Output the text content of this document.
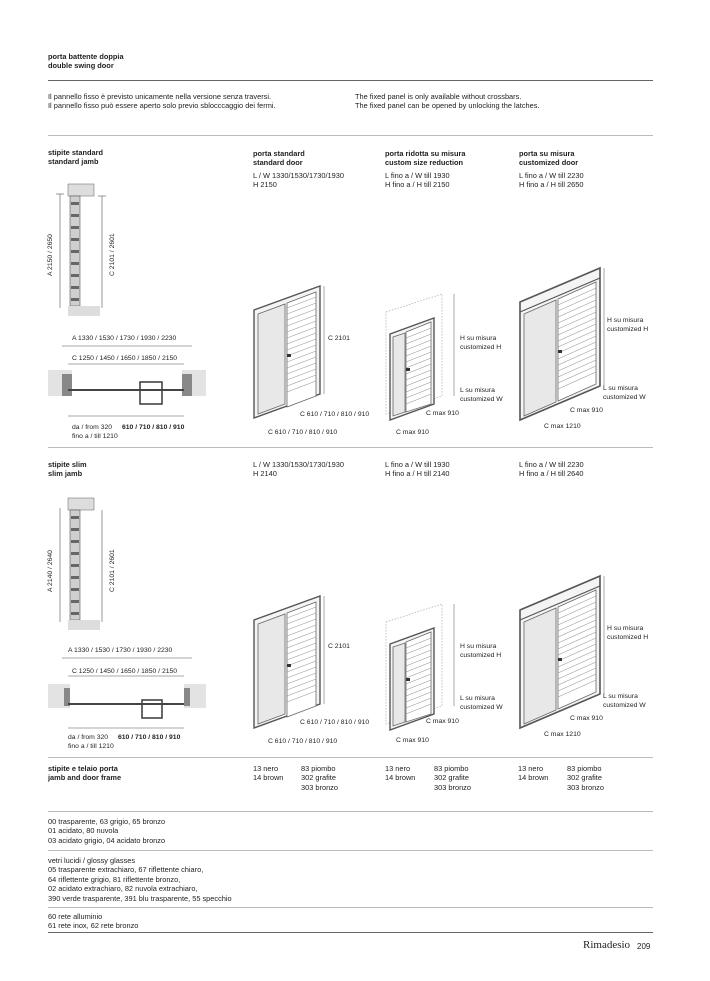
porta battente doppia
double swing door
Il pannello fisso è previsto unicamente nella versione senza traversi.
Il pannello fisso può essere aperto solo previo sblocccaggio dei fermi.
The fixed panel is only available without crossbars.
The fixed panel can be opened by unlocking the latches.
stipite standard
standard jamb
porta standard
standard door
L / W 1330/1530/1730/1930
H 2150
porta ridotta su misura
custom size reduction
L fino a / W till 1930
H fino a / H till 2150
porta su misura
customized door
L fino a / W till 2230
H fino a / H till 2650
A 2150 / 2650	C 2101 / 2601
A 1330 / 1530 / 1730 / 1930 / 2230
C 1250 / 1450 / 1650 / 1850 / 2150
da / from 320 610 / 710 / 810 / 910
fino a / till 1210
C 2101
C 610 / 710 / 810 / 910
C 610 / 710 / 810 / 910
H su misura customized H
L su misura customized W
C max 910
C max 910
H su misura customized H
L su misura customized W
C max 910
C max 1210
stipite slim
slim jamb
L / W 1330/1530/1730/1930
H 2140
L fino a / W till 1930
H fino a / H till 2140
L fino a / W till 2230
H fino a / H till 2640
A 2140 / 2640	C 2101 / 2601
A 1330 / 1530 / 1730 / 1930 / 2230
C 1250 / 1450 / 1650 / 1850 / 2150
da / from 320 610 / 710 / 810 / 910
fino a / till 1210
C 2101
C 610 / 710 / 810 / 910
C 610 / 710 / 810 / 910
H su misura customized H
L su misura customized W
C max 910
C max 910
H su misura customized H
L su misura customized W
C max 910
C max 1210
stipite e telaio porta
jamb and door frame
13 nero
14 brown
83 piombo
302 grafite
303 bronzo
13 nero
14 brown
83 piombo
302 grafite
303 bronzo
13 nero
14 brown
83 piombo
302 grafite
303 bronzo
00 trasparente, 63 grigio, 65 bronzo
01 acidato, 80 nuvola
03 acidato grigio, 04 acidato bronzo
vetri lucidi / glossy glasses
05 trasparente extrachiaro, 67 riflettente chiaro,
64 riflettente grigio, 81 riflettente bronzo,
02 acidato extrachiaro, 82 nuvola extrachiaro,
390 verde trasparente, 391 blu trasparente, 55 specchio
60 rete alluminio
61 rete inox, 62 rete bronzo
Rimadesio 209
